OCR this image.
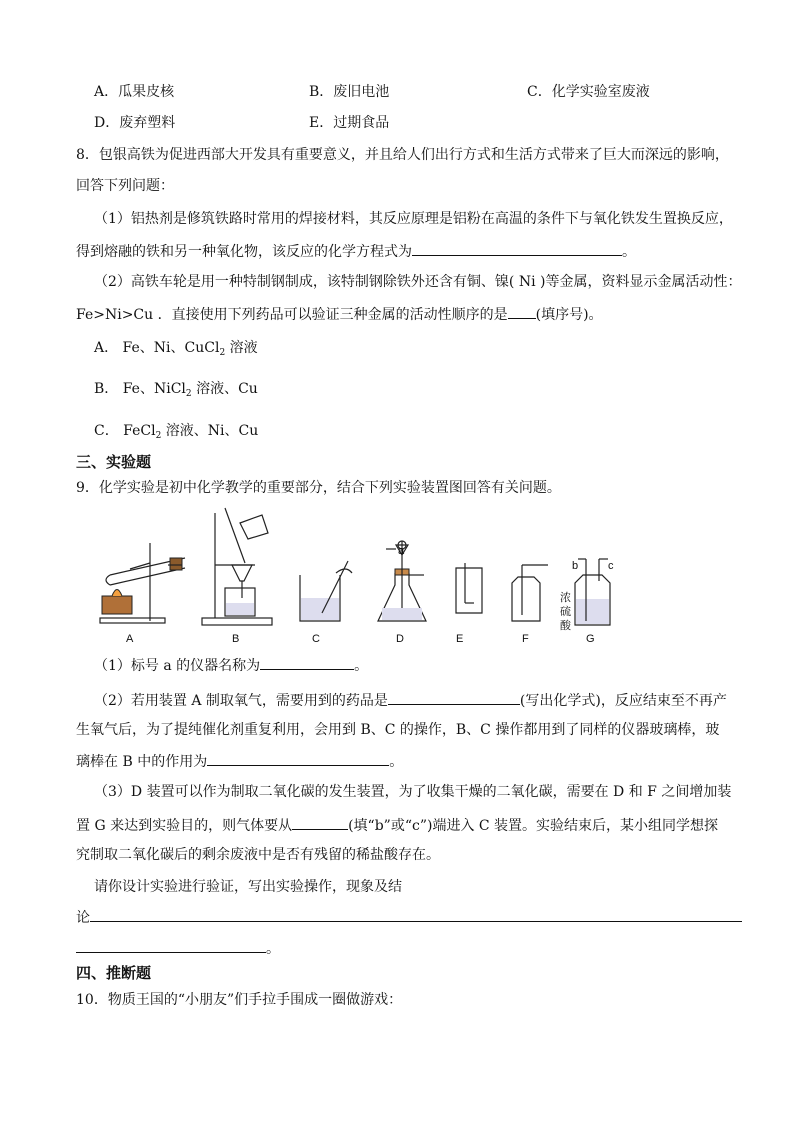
A．瓜果皮核	B．废旧电池	C．化学实验室废液
D．废弃塑料	E．过期食品
8．包银高铁为促进西部大开发具有重要意义，并且给人们出行方式和生活方式带来了巨大而深远的影响，
回答下列问题：
（1）铝热剂是修筑铁路时常用的焊接材料，其反应原理是铝粉在高温的条件下与氧化铁发生置换反应，
得到熔融的铁和另一种氧化物，该反应的化学方程式为	。
（2）高铁车轮是用一种特制钢制成，该特制钢除铁外还含有铜、镍( Ni )等金属，资料显示金属活动性：
Fe>Ni>Cu ．直接使用下列药品可以验证三种金属的活动性顺序的是 (填序号)。
A． Fe、Ni、CuCl$_2$ 溶液
B． Fe、NiCl$_2$ 溶液、Cu
C． FeCl$_2$ 溶液、Ni、Cu
三、实验题
9．化学实验是初中化学教学的重要部分，结合下列实验装置图回答有关问题。
a
b	c
浓
硫
酸
A	B	C	D	E	F	G
（1）标号 a 的仪器名称为	。
（2）若用装置 A 制取氧气，需要用到的药品是	(写出化学式)，反应结束至不再产
生氧气后，为了提纯催化剂重复利用，会用到 B、C 的操作，B、C 操作都用到了同样的仪器玻璃棒，玻
璃棒在 B 中的作用为	。
（3）D 装置可以作为制取二氧化碳的发生装置，为了收集干燥的二氧化碳，需要在 D 和 F 之间增加装
置 G 来达到实验目的，则气体要从	(填“b”或“c”)端进入 C 装置。实验结束后，某小组同学想探
究制取二氧化碳后的剩余废液中是否有残留的稀盐酸存在。
请你设计实验进行验证，写出实验操作，现象及结
论
。
四、推断题
10．物质王国的“小朋友”们手拉手围成一圈做游戏：
